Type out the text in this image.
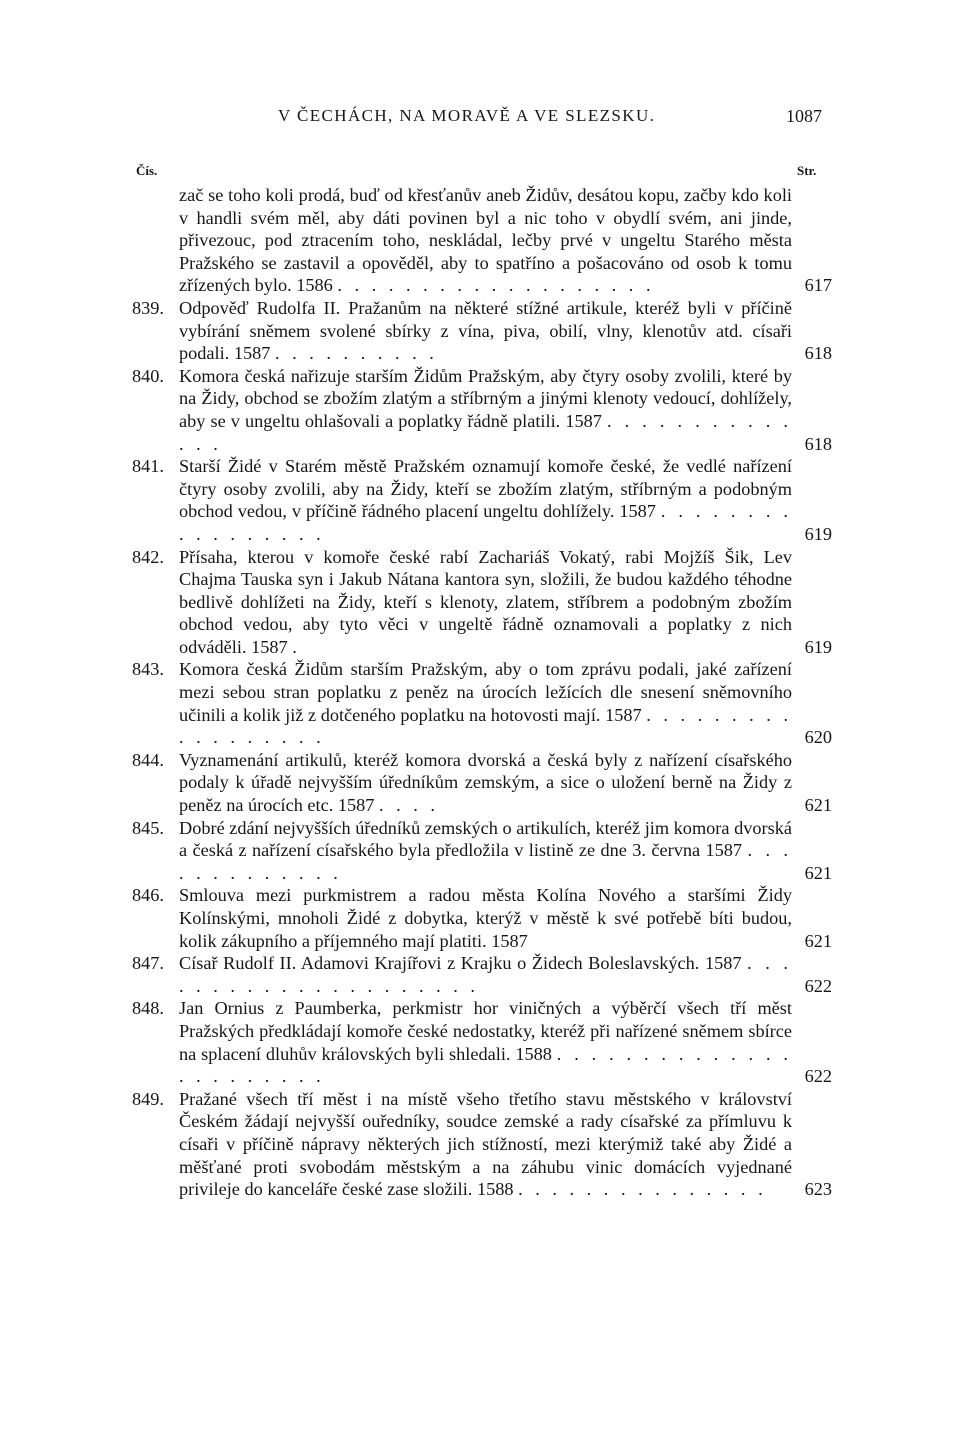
V ČECHÁCH, NA MORAVĚ A VE SLEZSKU.	1087
Čís.	Str.
zač se toho koli prodá, buď od křesťanův aneb Židův, desátou kopu, začby kdo koli v handli svém měl, aby dáti povinen byl a nic toho v obydlí svém, ani jinde, přivezouc, pod ztracením toho, neskládal, lečby prvé v ungeltu Starého města Pražského se zastavil a opověděl, aby to spatříno a pošacováno od osob k tomu zřízených bylo. 1586 . . . . . . . . . . . . . . . . . . .	617
839. Odpověď Rudolfa II. Pražanům na některé stížné artikule, kteréž byli v příčině vybírání sněmem svolené sbírky z vína, piva, obilí, vlny, klenotův atd. císaři podali. 1587 . . . . . . . . . .	618
840. Komora česká nařizuje starším Židům Pražským, aby čtyry osoby zvolili, které by na Židy, obchod se zbožím zlatým a stříbrným a jinými klenoty vedoucí, dohlížely, aby se v ungeltu ohlašovali a poplatky řádně platili. 1587 . . . . . . . . . . . . . .	618
841. Starší Židé v Starém městě Pražském oznamují komoře české, že vedlé nařízení čtyry osoby zvolili, aby na Židy, kteří se zbožím zlatým, stříbrným a podobným obchod vedou, v příčině řádného placení ungeltu dohlížely. 1587 . . . . . . . . . . . . . . . . .	619
842. Přísaha, kterou v komoře české rabí Zachariáš Vokatý, rabi Mojžíš Šik, Lev Chajma Tauska syn i Jakub Nátana kantora syn, složili, že budou každého téhodne bedlivě dohlížeti na Židy, kteří s klenoty, zlatem, stříbrem a podobným zbožím obchod vedou, aby tyto věci v ungeltě řádně oznamovali a poplatky z nich odváděli. 1587 .	619
843. Komora česká Židům starším Pražským, aby o tom zprávu podali, jaké zařízení mezi sebou stran poplatku z peněz na úrocích ležících dle snesení sněmovního učinili a kolik již z dotčeného poplatku na hotovosti mají. 1587 . . . . . . . . . . . . . . . . . .	620
844. Vyznamenání artikulů, kteréž komora dvorská a česká byly z nařízení císařského podaly k úřadě nejvyšším úředníkům zemským, a sice o uložení berně na Židy z peněz na úrocích etc. 1587 . . . .	621
845. Dobré zdání nejvyšších úředníků zemských o artikulích, kteréž jim komora dvorská a česká z nařízení císařského byla předložila v listině ze dne 3. června 1587 . . . . . . . . . . . . .	621
846. Smlouva mezi purkmistrem a radou města Kolína Nového a staršími Židy Kolínskými, mnoholi Židé z dobytka, kterýž v městě k své potřebě bíti budou, kolik zákupního a příjemného mají platiti. 1587	621
847. Císař Rudolf II. Adamovi Krajířovi z Krajku o Židech Boleslavských. 1587 . . . . . . . . . . . . . . . . . . . . .	622
848. Jan Ornius z Paumberka, perkmistr hor viničných a výběrčí všech tří měst Pražských předkládají komoře české nedostatky, kteréž při nařízené sněmem sbírce na splacení dluhův královských byli shledali. 1588 . . . . . . . . . . . . . . . . . . . . . . .	622
849. Pražané všech tří měst i na místě všeho třetího stavu městského v království Českém žádají nejvyšší ouředníky, soudce zemské a rady císařské za přímluvu k císaři v příčině nápravy některých jich stížností, mezi kterýmiž také aby Židé a měšťané proti svobodám městským a na záhubu vinic domácích vyjednané privileje do kanceláře české zase složili. 1588 . . . . . . . . . . . . . . .	623
